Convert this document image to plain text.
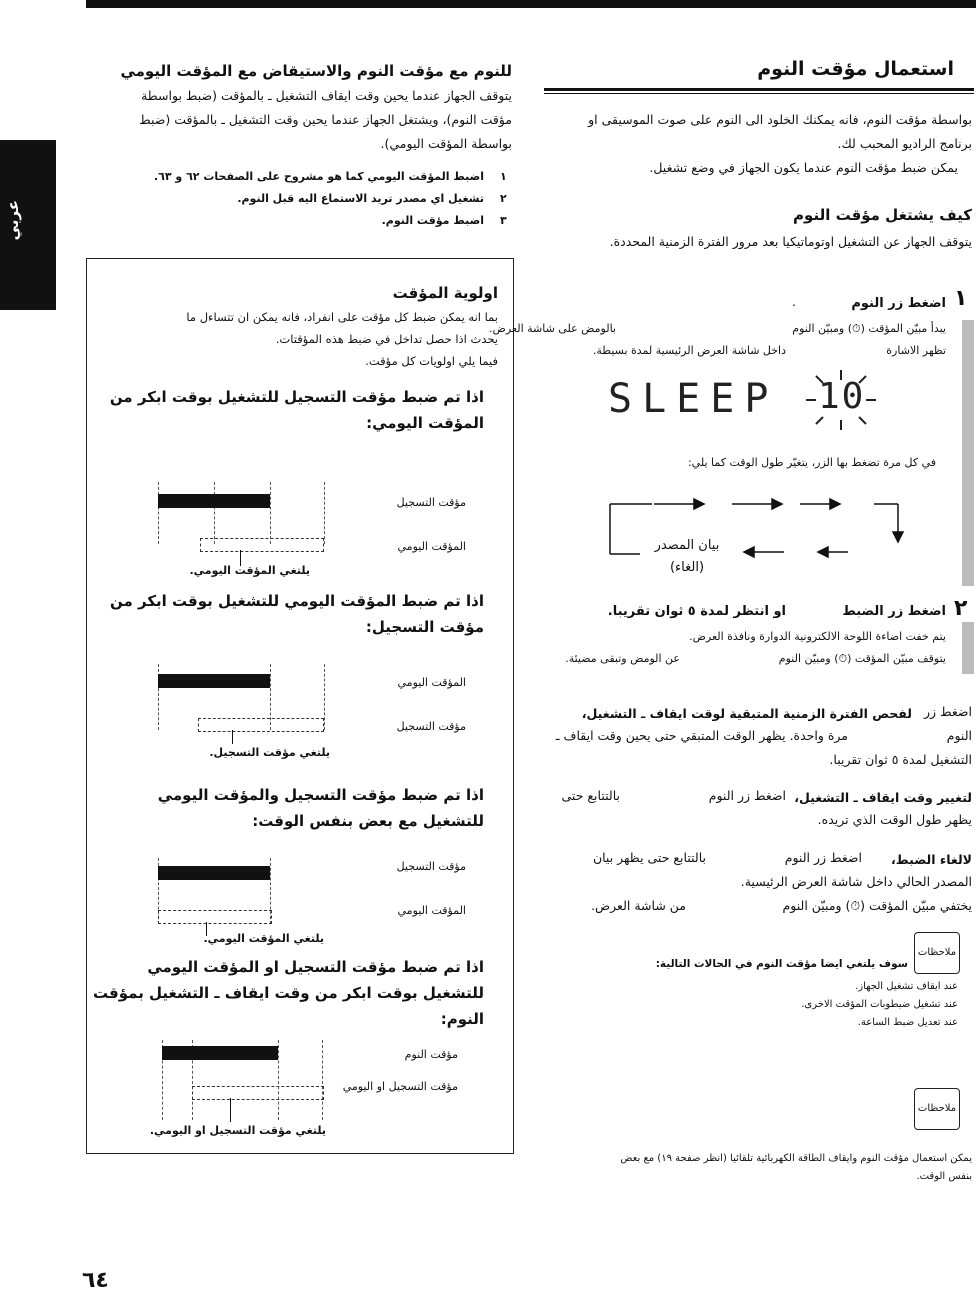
عربي
استعمال مؤقت النوم
بواسطة مؤقت النوم، فانه يمكنك الخلود الى النوم على صوت الموسيقى او
برنامج الراديو المحبب لك.
يمكن ضبط مؤقت النوم عندما يكون الجهاز في وضع تشغيل.
كيف يشتغل مؤقت النوم
يتوقف الجهاز عن التشغيل اوتوماتيكيا بعد مرور الفترة الزمنية المحددة.
١
اضغط زر النوم
.
يبدأ مبيّن المؤقت (⏱) ومبيّن النوم
بالومض على شاشة العرض.
تظهر الاشارة
داخل شاشة العرض الرئيسية لمدة بسيطة.
SLEEP 10
في كل مرة تضغط بها الزر، يتغيّر طول الوقت كما يلي:
بيان المصدر
(الغاء)
٢
اضغط زر الضبط
او انتظر لمدة ٥ ثوان تقريبا.
يتم خفت اضاءة اللوحة الالكترونية الدوارة ونافذة العرض.
يتوقف مبيّن المؤقت (⏱) ومبيّن النوم
عن الومض وتبقى مضيئة.
لفحص الفترة الزمنية المتبقية لوقت ايقاف ـ التشغيل، اضغط زر
النوم
مرة واحدة. يظهر الوقت المتبقي حتى يحين وقت ايقاف ـ
التشغيل لمدة ٥ ثوان تقريبا.
لتغيير وقت ايقاف ـ التشغيل،
اضغط زر النوم
بالتتابع حتى
يظهر طول الوقت الذي تريده.
لالغاء الضبط،
اضغط زر النوم
بالتتابع حتى يظهر بيان
المصدر الحالي داخل شاشة العرض الرئيسية.
يختفي مبيّن المؤقت (⏱) ومبيّن النوم
من شاشة العرض.
ملاحظات
سوف يلتغي ايضا مؤقت النوم في الحالات التالية:
عند ايقاف تشغيل الجهاز.
عند تشغيل ضبطوبات المؤقت الاخرى.
عند تعديل ضبط الساعة.
ملاحظات
يمكن استعمال مؤقت النوم وايقاف الطاقة الكهربائية تلقائيا (انظر صفحة ١٩) مع بعض
بنفس الوقت.
للنوم مع مؤقت النوم والاستيقاض مع المؤقت اليومي
يتوقف الجهاز عندما يحين وقت ايقاف التشغيل ـ بالمؤقت (ضبط بواسطة
مؤقت النوم)، ويشتغل الجهاز عندما يحين وقت التشغيل ـ بالمؤقت (ضبط
بواسطة المؤقت اليومي).
١
اضبط المؤقت اليومي كما هو مشروح على الصفحات ٦٢ و ٦٣.
٢
تشغيل اي مصدر تريد الاستماع اليه قبل النوم.
٣
اضبط مؤقت النوم.
اولوية المؤقت
بما انه يمكن ضبط كل مؤقت على انفراد، فانه يمكن ان تتساءل ما
يحدث اذا حصل تداخل في ضبط هذه المؤقتات.
فيما يلي اولويات كل مؤقت.
اذا تم ضبط مؤقت التسجيل للتشغيل بوقت ابكر من
المؤقت اليومي:
مؤقت التسجيل
المؤقت اليومي
يلتغي المؤقت اليومي.
اذا تم ضبط المؤقت اليومي للتشغيل بوقت ابكر من
مؤقت التسجيل:
المؤقت اليومي
مؤقت التسجيل
يلتغي مؤقت التسجيل.
اذا تم ضبط مؤقت التسجيل والمؤقت اليومي
للتشغيل مع بعض بنفس الوقت:
مؤقت التسجيل
المؤقت اليومي
يلتغي المؤقت اليومي.
اذا تم ضبط مؤقت التسجيل او المؤقت اليومي
للتشغيل بوقت ابكر من وقت ايقاف ـ التشغيل بمؤقت
النوم:
مؤقت النوم
مؤقت التسجيل او اليومي
يلتغي مؤقت التسجيل او اليومي.
٦٤
